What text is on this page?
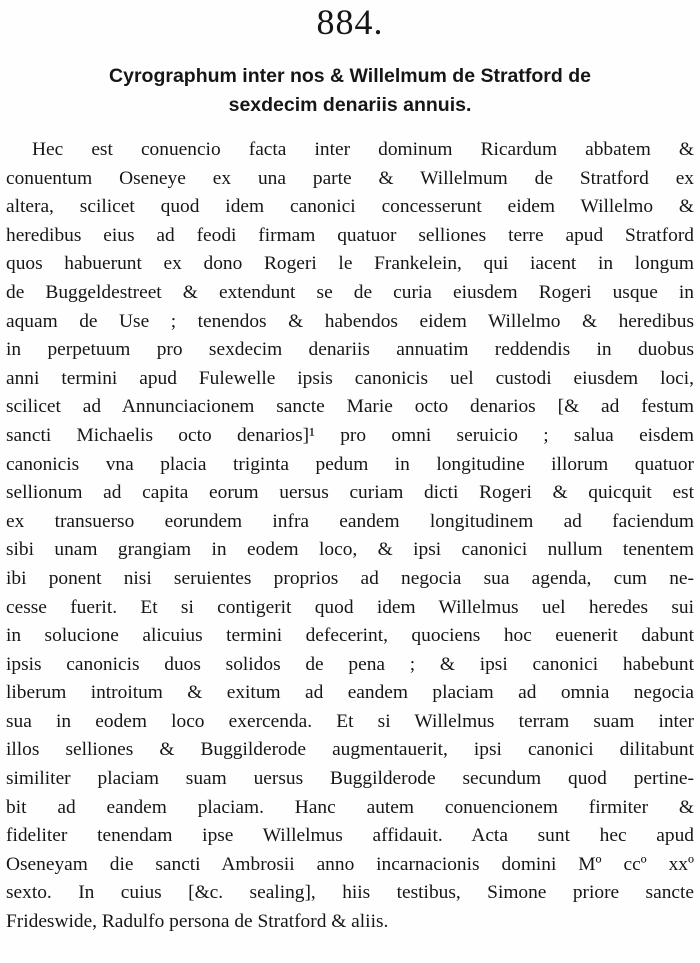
884.
Cyrographum inter nos & Willelmum de Stratford de
sexdecim denariis annuis.
Hec est conuencio facta inter dominum Ricardum abbatem &
conuentum Oseneye ex una parte & Willelmum de Stratford ex
altera, scilicet quod idem canonici concesserunt eidem Willelmo &
heredibus eius ad feodi firmam quatuor selliones terre apud Stratford
quos habuerunt ex dono Rogeri le Frankelein, qui iacent in longum
de Buggeldestreet & extendunt se de curia eiusdem Rogeri usque in
aquam de Use ; tenendos & habendos eidem Willelmo & heredibus
in perpetuum pro sexdecim denariis annuatim reddendis in duobus
anni termini apud Fulewelle ipsis canonicis uel custodi eiusdem loci,
scilicet ad Annunciacionem sancte Marie octo denarios [& ad festum
sancti Michaelis octo denarios]¹ pro omni seruicio ; salua eisdem
canonicis vna placia triginta pedum in longitudine illorum quatuor
sellionum ad capita eorum uersus curiam dicti Rogeri & quicquit est
ex transuerso eorundem infra eandem longitudinem ad faciendum
sibi unam grangiam in eodem loco, & ipsi canonici nullum tenentem
ibi ponent nisi seruientes proprios ad negocia sua agenda, cum ne-
cesse fuerit. Et si contigerit quod idem Willelmus uel heredes sui
in solucione alicuius termini defecerint, quociens hoc euenerit dabunt
ipsis canonicis duos solidos de pena ; & ipsi canonici habebunt
liberum introitum & exitum ad eandem placiam ad omnia negocia
sua in eodem loco exercenda. Et si Willelmus terram suam inter
illos selliones & Buggilderode augmentauerit, ipsi canonici dilitabunt
similiter placiam suam uersus Buggilderode secundum quod pertine-
bit ad eandem placiam. Hanc autem conuencionem firmiter &
fideliter tenendam ipse Willelmus affidauit. Acta sunt hec apud
Oseneyam die sancti Ambrosii anno incarnacionis domini Mº ccº xxº
sexto. In cuius [&c. sealing], hiis testibus, Simone priore sancte
Frideswide, Radulfo persona de Stratford & aliis.
